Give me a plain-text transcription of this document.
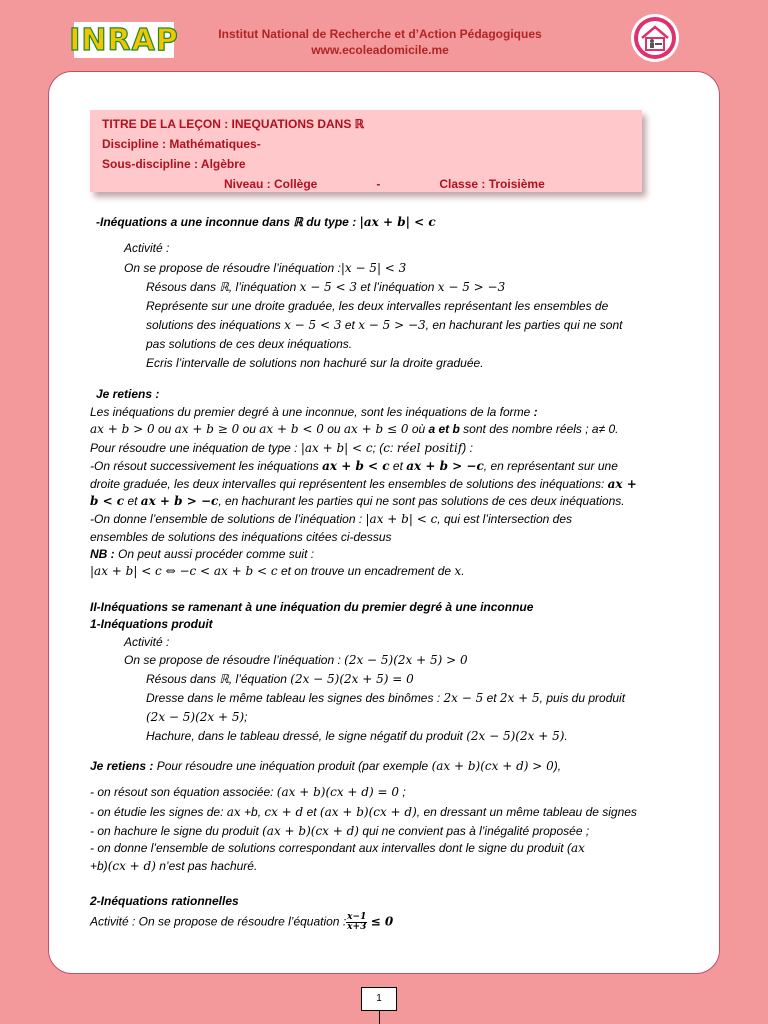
INRAP	Institut National de Recherche et d’Action Pédagogiques
www.ecoleadomicile.me
TITRE DE LA LEÇON : INEQUATIONS DANS ℝ
Discipline : Mathématiques-
Sous-discipline : Algèbre
Niveau : Collège	-	Classe : Troisième
-Inéquations a une inconnue dans ℝ du type : |ax + b| < c
Activité :
On se propose de résoudre l’inéquation :|x − 5| < 3
Résous dans ℝ, l’inéquation x − 5 < 3 et l’inéquation x − 5 > −3
Représente sur une droite graduée, les deux intervalles représentant les ensembles de
solutions des inéquations x − 5 < 3 et x − 5 > −3, en hachurant les parties qui ne sont
pas solutions de ces deux inéquations.
Ecris l’intervalle de solutions non hachuré sur la droite graduée.
Je retiens :
Les inéquations du premier degré à une inconnue, sont les inéquations de la forme :
ax + b > 0 ou ax + b ≥ 0 ou ax + b < 0 ou ax + b ≤ 0 où a et b sont des nombre réels ; a≠ 0.
Pour résoudre une inéquation de type : |ax + b| < c; (c: réel positif) :
-On résout successivement les inéquations ax + b < c et ax + b > −c, en représentant sur une
droite graduée, les deux intervalles qui représentent les ensembles de solutions des inéquations: ax +
b < c et ax + b > −c, en hachurant les parties qui ne sont pas solutions de ces deux inéquations.
-On donne l’ensemble de solutions de l’inéquation : |ax + b| < c, qui est l’intersection des
ensembles de solutions des inéquations citées ci-dessus
NB : On peut aussi procéder comme suit :
|ax + b| < c ⇔ −c < ax + b < c et on trouve un encadrement de x.
II-Inéquations se ramenant à une inéquation du premier degré à une inconnue
1-Inéquations produit
Activité :
On se propose de résoudre l’inéquation : (2x − 5)(2x + 5) > 0
Résous dans ℝ, l’équation (2x − 5)(2x + 5) = 0
Dresse dans le même tableau les signes des binômes : 2x − 5 et 2x + 5, puis du produit
(2x − 5)(2x + 5);
Hachure, dans le tableau dressé, le signe négatif du produit (2x − 5)(2x + 5).
Je retiens : Pour résoudre une inéquation produit (par exemple (ax + b)(cx + d) > 0),
- on résout son équation associée: (ax + b)(cx + d) = 0 ;
- on étudie les signes de: ax +b, cx + d et (ax + b)(cx + d), en dressant un même tableau de signes
- on hachure le signe du produit (ax + b)(cx + d) qui ne convient pas à l’inégalité proposée ;
- on donne l’ensemble de solutions correspondant aux intervalles dont le signe du produit (ax
+b)(cx + d) n’est pas hachuré.
2-Inéquations rationnelles
Activité : On se propose de résoudre l’équation : $\frac{x-1}{x+3} \le 0$
1
